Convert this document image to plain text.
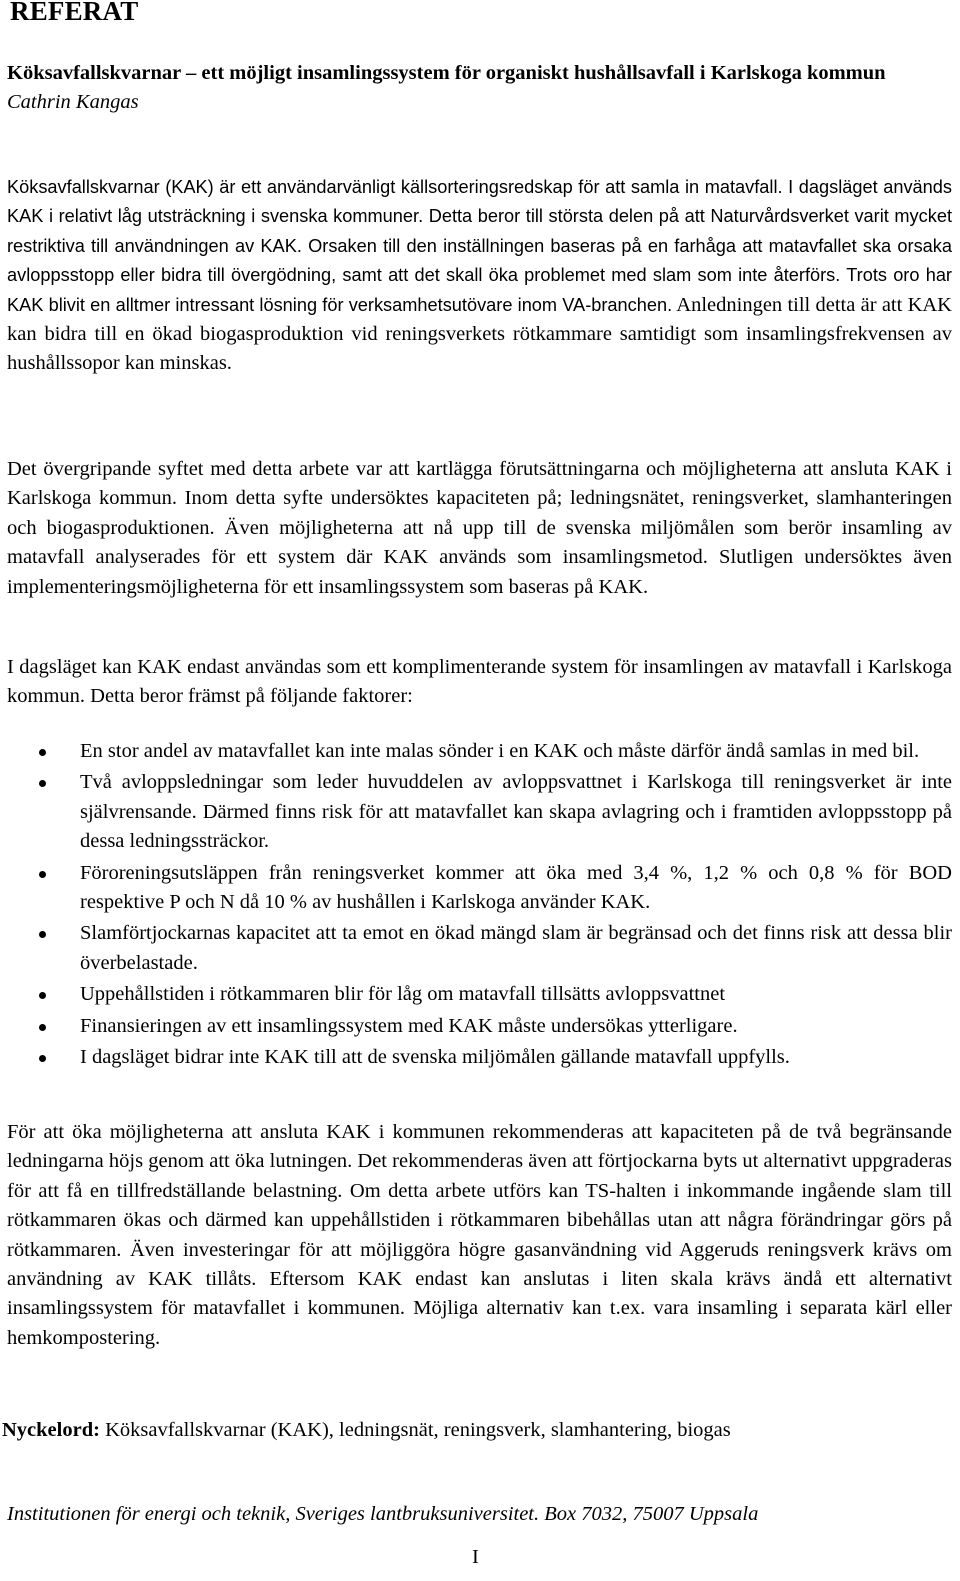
REFERAT

Köksavfallskvarnar – ett möjligt insamlingssystem för organiskt hushållsavfall i Karlskoga kommun

Cathrin Kangas

Köksavfallskvarnar (KAK) är ett användarvänligt källsorteringsredskap för att samla in matavfall. I dagsläget används KAK i relativt låg utsträckning i svenska kommuner. Detta beror till största delen på att Naturvårdsverket varit mycket restriktiva till användningen av KAK. Orsaken till den inställningen baseras på en farhåga att matavfallet ska orsaka avloppsstopp eller bidra till övergödning, samt att det skall öka problemet med slam som inte återförs. Trots oro har KAK blivit en alltmer intressant lösning för verksamhetsutövare inom VA-branchen. Anledningen till detta är att KAK kan bidra till en ökad biogasproduktion vid reningsverkets rötkammare samtidigt som insamlingsfrekvensen av hushållssopor kan minskas.

Det övergripande syftet med detta arbete var att kartlägga förutsättningarna och möjligheterna att ansluta KAK i Karlskoga kommun. Inom detta syfte undersöktes kapaciteten på; ledningsnätet, reningsverket, slamhanteringen och biogasproduktionen. Även möjligheterna att nå upp till de svenska miljömålen som berör insamling av matavfall analyserades för ett system där KAK används som insamlingsmetod. Slutligen undersöktes även implementeringsmöjligheterna för ett insamlingssystem som baseras på KAK.

I dagsläget kan KAK endast användas som ett komplimenterande system för insamlingen av matavfall i Karlskoga kommun. Detta beror främst på följande faktorer:

En stor andel av matavfallet kan inte malas sönder i en KAK och måste därför ändå samlas in med bil.
Två avloppsledningar som leder huvuddelen av avloppsvattnet i Karlskoga till reningsverket är inte självrensande. Därmed finns risk för att matavfallet kan skapa avlagring och i framtiden avloppsstopp på dessa ledningssträckor.
Föroreningsutsläppen från reningsverket kommer att öka med 3,4 %, 1,2 % och 0,8 % för BOD respektive P och N då 10 % av hushållen i Karlskoga använder KAK.
Slamförtjockarnas kapacitet att ta emot en ökad mängd slam är begränsad och det finns risk att dessa blir överbelastade.
Uppehållstiden i rötkammaren blir för låg om matavfall tillsätts avloppsvattnet
Finansieringen av ett insamlingssystem med KAK måste undersökas ytterligare.
I dagsläget bidrar inte KAK till att de svenska miljömålen gällande matavfall uppfylls.

För att öka möjligheterna att ansluta KAK i kommunen rekommenderas att kapaciteten på de två begränsande ledningarna höjs genom att öka lutningen. Det rekommenderas även att förtjockarna byts ut alternativt uppgraderas för att få en tillfredställande belastning. Om detta arbete utförs kan TS-halten i inkommande ingående slam till rötkammaren ökas och därmed kan uppehållstiden i rötkammaren bibehållas utan att några förändringar görs på rötkammaren. Även investeringar för att möjliggöra högre gasanvändning vid Aggeruds reningsverk krävs om användning av KAK tillåts. Eftersom KAK endast kan anslutas i liten skala krävs ändå ett alternativt insamlingssystem för matavfallet i kommunen. Möjliga alternativ kan t.ex. vara insamling i separata kärl eller hemkompostering.

Nyckelord: Köksavfallskvarnar (KAK), ledningsnät, reningsverk, slamhantering, biogas

Institutionen för energi och teknik, Sveriges lantbruksuniversitet. Box 7032, 75007 Uppsala

I
